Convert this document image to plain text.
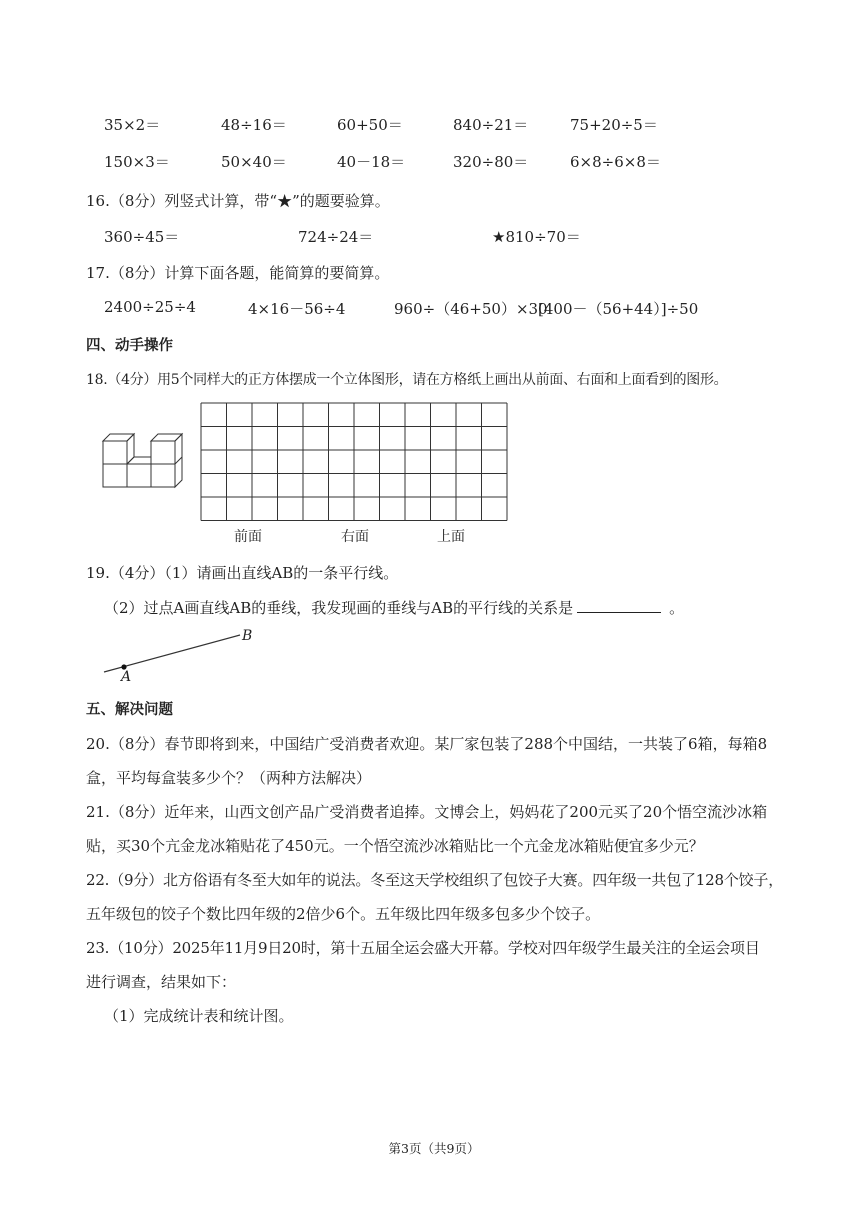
35×2＝	48÷16＝	60+50＝	840÷21＝	75+20÷5＝
150×3＝	50×40＝	40－18＝	320÷80＝	6×8÷6×8＝
16.（8分）列竖式计算，带“★”的题要验算。
360÷45＝	724÷24＝	★810÷70＝
17.（8分）计算下面各题，能简算的要简算。
2400÷25÷4	4×16－56÷4	960÷（46+50）×30
[400－（56+44）]÷50
四、动手操作
18.（4分）用5个同样大的正方体摆成一个立体图形，请在方格纸上画出从前面、右面和上面看到的图形。
前面	右面	上面
19.（4分）（1）请画出直线AB的一条平行线。
（2）过点A画直线AB的垂线，我发现画的垂线与AB的平行线的关系是	。
A
B
五、解决问题
20.（8分）春节即将到来，中国结广受消费者欢迎。某厂家包装了288个中国结，一共装了6箱，每箱8
盒，平均每盒装多少个？（两种方法解决）
21.（8分）近年来，山西文创产品广受消费者追捧。文博会上，妈妈花了200元买了20个悟空流沙冰箱
贴，买30个亢金龙冰箱贴花了450元。一个悟空流沙冰箱贴比一个亢金龙冰箱贴便宜多少元？
22.（9分）北方俗语有冬至大如年的说法。冬至这天学校组织了包饺子大赛。四年级一共包了128个饺子，
五年级包的饺子个数比四年级的2倍少6个。五年级比四年级多包多少个饺子。
23.（10分）2025年11月9日20时，第十五届全运会盛大开幕。学校对四年级学生最关注的全运会项目
进行调查，结果如下：
（1）完成统计表和统计图。
第3页（共9页）
